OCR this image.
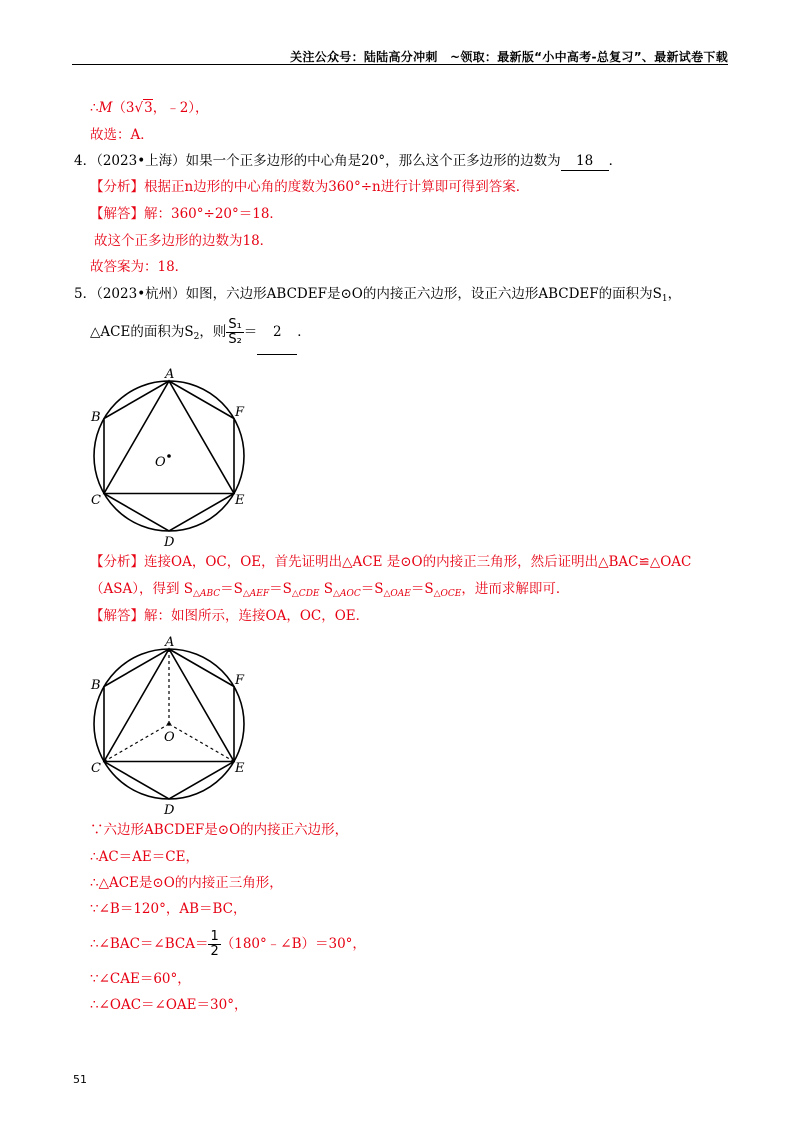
关注公众号：陆陆高分冲刺　~领取：最新版“小中高考-总复习”、最新试卷下载
∴M（3√3，﹣2），
故选：A．
4．（2023•上海）如果一个正多边形的中心角是20°，那么这个正多边形的边数为 18 ．
【分析】根据正n边形的中心角的度数为360°÷n进行计算即可得到答案．
【解答】解：360°÷20°＝18．
故这个正多边形的边数为18．
故答案为：18．
5．（2023•杭州）如图，六边形ABCDEF是⊙O的内接正六边形，设正六边形ABCDEF的面积为$S_1$，
△ACE的面积为$S_2$，则 $\frac{\text{S₁}}{\text{S₂}} = 2$ ．
A
B	F
O
C	E
D
【分析】连接OA，OC，OE，首先证明出△ACE 是⊙O的内接正三角形，然后证明出△BAC≌△OAC
（ASA），得到 $S_{\triangle ABC}=S_{\triangle AEF}=S_{\triangle CDE}$ $S_{\triangle AOC}=S_{\triangle OAE}=S_{\triangle OCE}$，进而求解即可．
【解答】解：如图所示，连接OA，OC，OE．
A
B	F
O
C	E
D
∵六边形ABCDEF是⊙O的内接正六边形，
∴AC＝AE＝CE，
∴△ACE是⊙O的内接正三角形，
∵∠B＝120°，AB＝BC，
∴∠BAC＝∠BCA＝ $\frac{1}{2}$ （180°﹣∠B）＝30°，
∵∠CAE＝60°，
∴∠OAC＝∠OAE＝30°，
51
